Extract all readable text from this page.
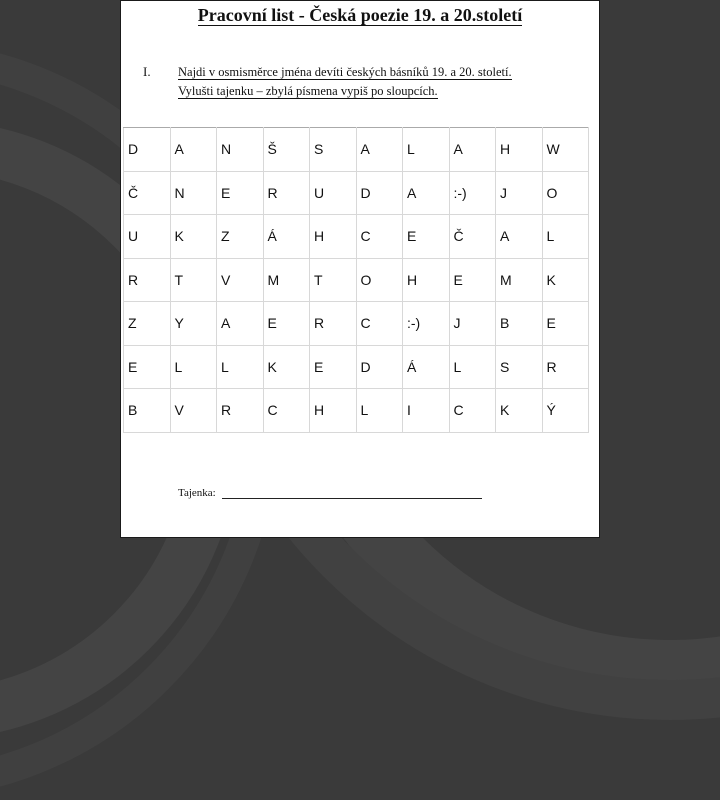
Pracovní list - Česká poezie 19. a 20.století
I. Najdi v osmisměrce jména devíti českých básníků 19. a 20. století.
Vylušti tajenku – zbylá písmena vypiš po sloupcích.
D	A	N	Š	S	A	L	A	H	W
Č	N	E	R	U	D	A	:-)	J	O
U	K	Z	Á	H	C	E	Č	A	L
R	T	V	M	T	O	H	E	M	K
Z	Y	A	E	R	C	:-)	J	B	E
E	L	L	K	E	D	Á	L	S	R
B	V	R	C	H	L	I	C	K	Ý
Tajenka:
